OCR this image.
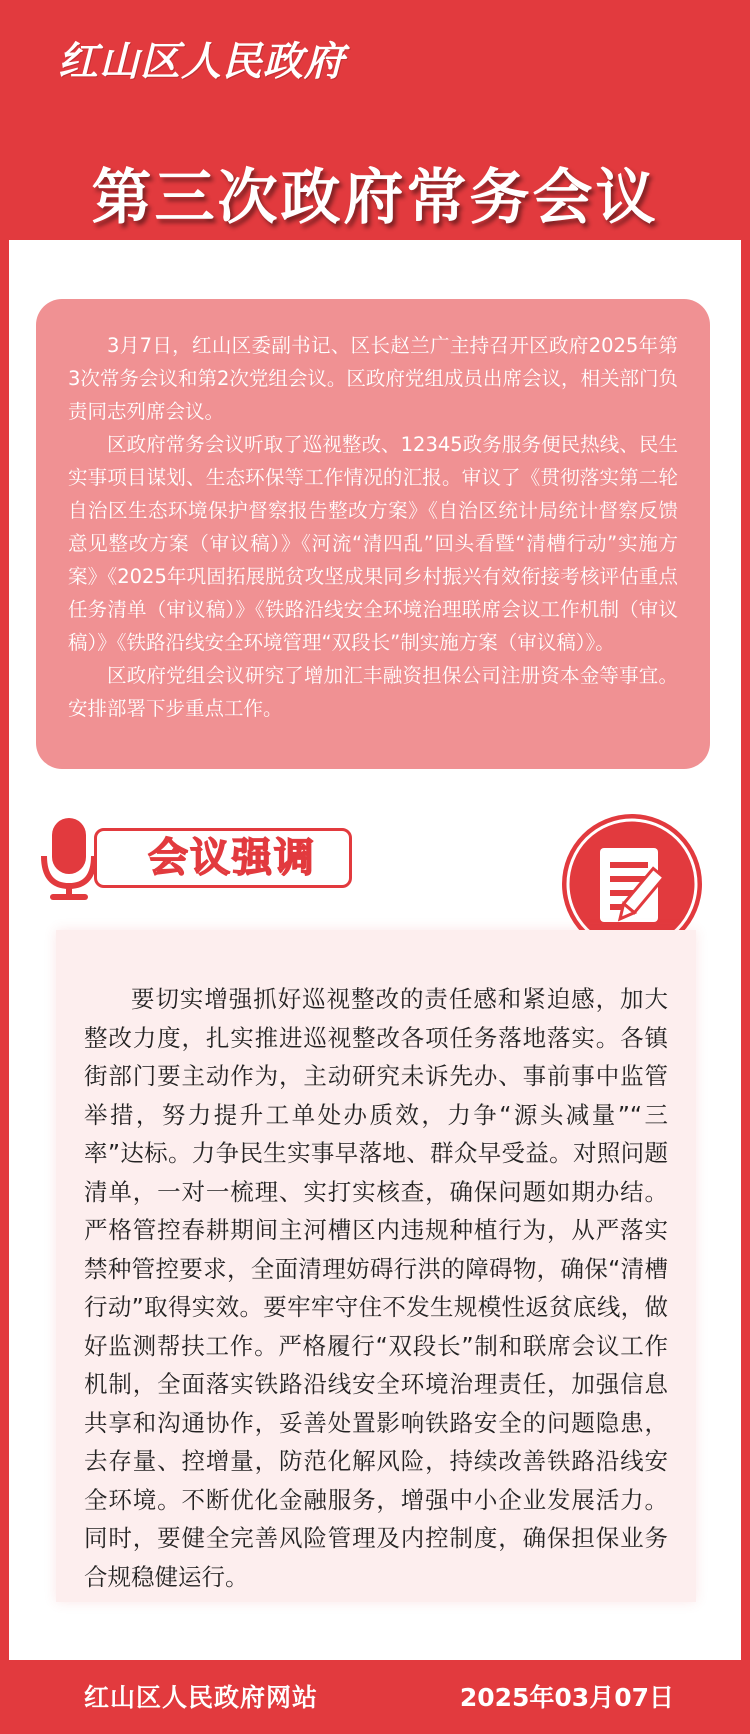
红山区人民政府
第三次政府常务会议

3月7日，红山区委副书记、区长赵兰广主持召开区政府2025年第3次常务会议和第2次党组会议。区政府党组成员出席会议，相关部门负责同志列席会议。

区政府常务会议听取了巡视整改、12345政务服务便民热线、民生实事项目谋划、生态环保等工作情况的汇报。审议了《贯彻落实第二轮自治区生态环境保护督察报告整改方案》《自治区统计局统计督察反馈意见整改方案（审议稿）》《河流“清四乱”回头看暨“清槽行动”实施方案》《2025年巩固拓展脱贫攻坚成果同乡村振兴有效衔接考核评估重点任务清单（审议稿）》《铁路沿线安全环境治理联席会议工作机制（审议稿）》《铁路沿线安全环境管理“双段长”制实施方案（审议稿）》。

区政府党组会议研究了增加汇丰融资担保公司注册资本金等事宜。安排部署下步重点工作。

会议强调

要切实增强抓好巡视整改的责任感和紧迫感，加大整改力度，扎实推进巡视整改各项任务落地落实。各镇街部门要主动作为，主动研究未诉先办、事前事中监管举措，努力提升工单处办质效，力争“源头减量”“三率”达标。力争民生实事早落地、群众早受益。对照问题清单，一对一梳理、实打实核查，确保问题如期办结。严格管控春耕期间主河槽区内违规种植行为，从严落实禁种管控要求，全面清理妨碍行洪的障碍物，确保“清槽行动”取得实效。要牢牢守住不发生规模性返贫底线，做好监测帮扶工作。严格履行“双段长”制和联席会议工作机制，全面落实铁路沿线安全环境治理责任，加强信息共享和沟通协作，妥善处置影响铁路安全的问题隐患，去存量、控增量，防范化解风险，持续改善铁路沿线安全环境。不断优化金融服务，增强中小企业发展活力。同时，要健全完善风险管理及内控制度，确保担保业务合规稳健运行。

红山区人民政府网站	2025年03月07日
